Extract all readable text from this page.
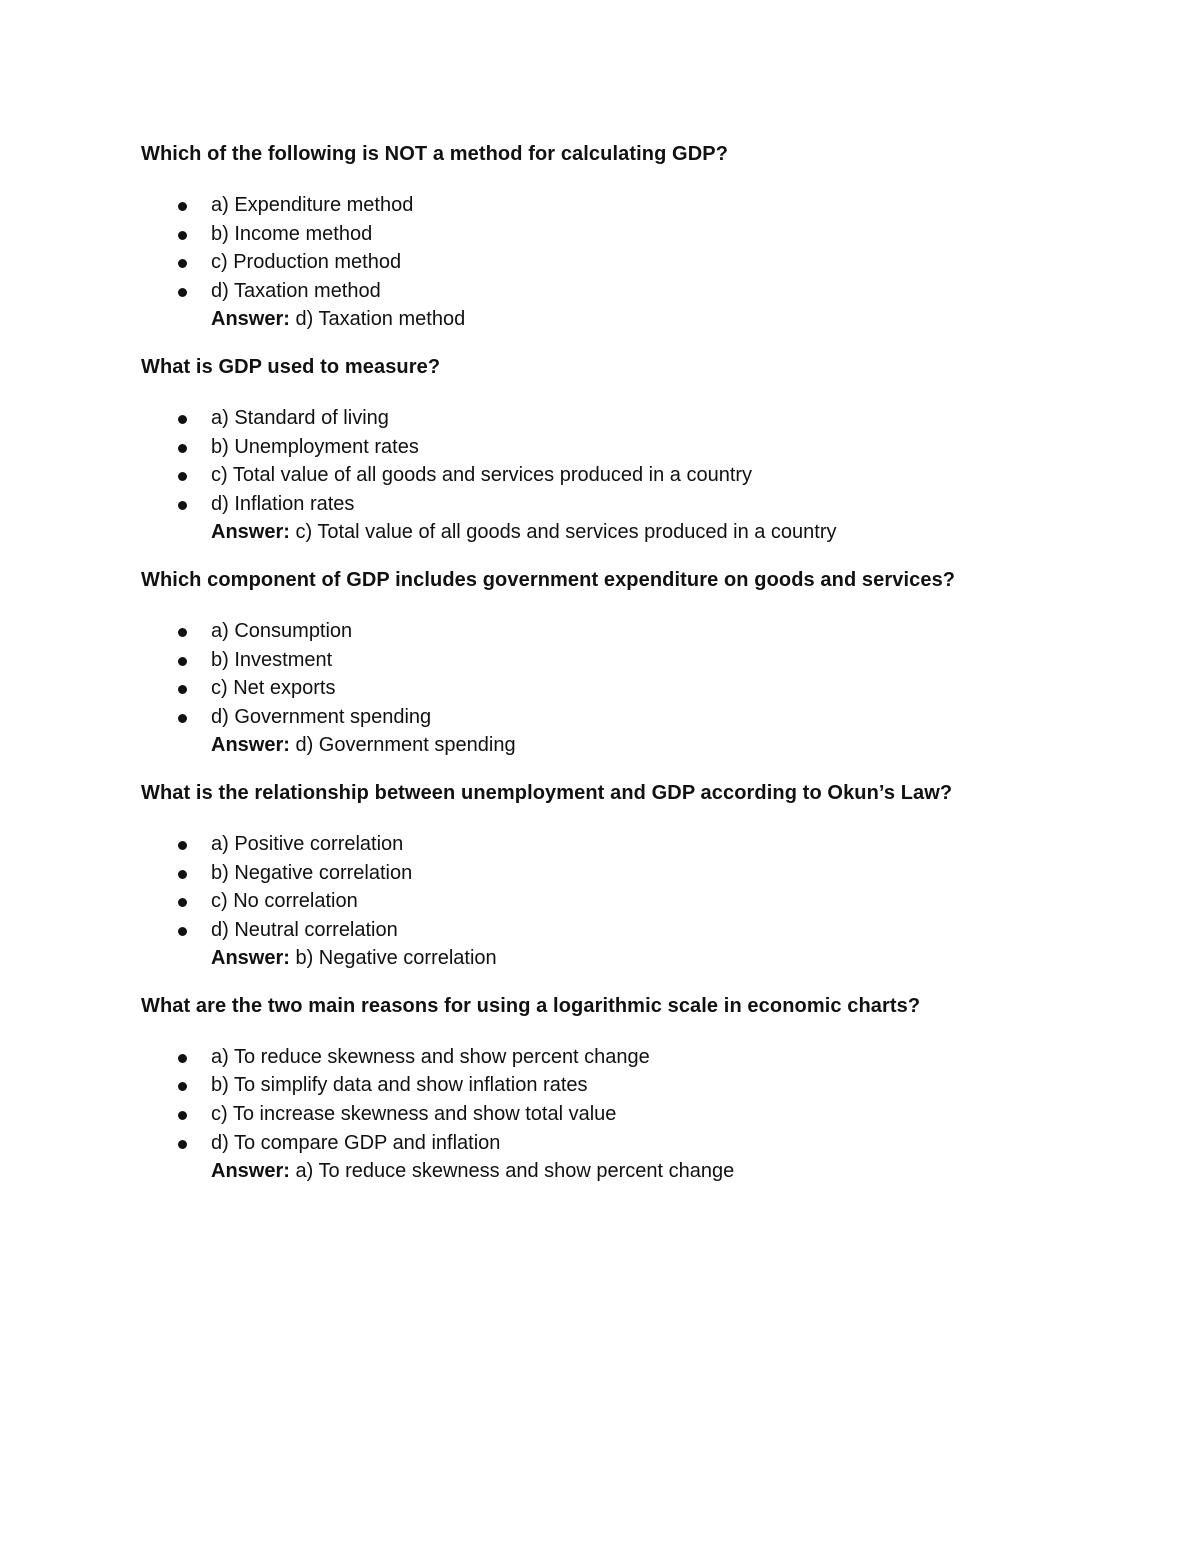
Which of the following is NOT a method for calculating GDP?
a) Expenditure method
b) Income method
c) Production method
d) Taxation method
Answer: d) Taxation method
What is GDP used to measure?
a) Standard of living
b) Unemployment rates
c) Total value of all goods and services produced in a country
d) Inflation rates
Answer: c) Total value of all goods and services produced in a country
Which component of GDP includes government expenditure on goods and services?
a) Consumption
b) Investment
c) Net exports
d) Government spending
Answer: d) Government spending
What is the relationship between unemployment and GDP according to Okun’s Law?
a) Positive correlation
b) Negative correlation
c) No correlation
d) Neutral correlation
Answer: b) Negative correlation
What are the two main reasons for using a logarithmic scale in economic charts?
a) To reduce skewness and show percent change
b) To simplify data and show inflation rates
c) To increase skewness and show total value
d) To compare GDP and inflation
Answer: a) To reduce skewness and show percent change
